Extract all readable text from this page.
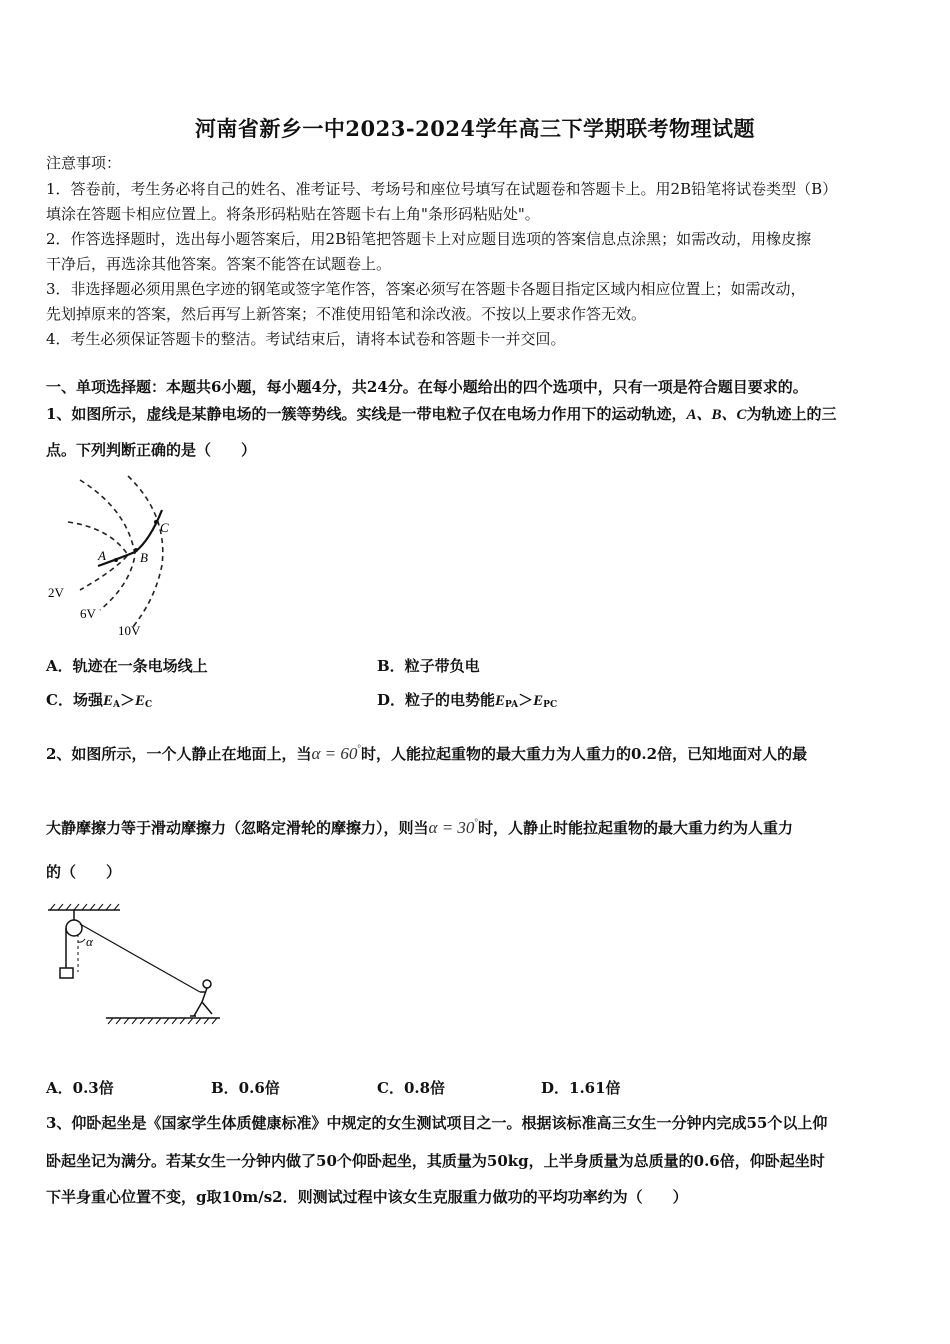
河南省新乡一中2023-2024学年高三下学期联考物理试题
注意事项：
1．答卷前，考生务必将自己的姓名、准考证号、考场号和座位号填写在试题卷和答题卡上。用2B铅笔将试卷类型（B）
填涂在答题卡相应位置上。将条形码粘贴在答题卡右上角"条形码粘贴处"。
2．作答选择题时，选出每小题答案后，用2B铅笔把答题卡上对应题目选项的答案信息点涂黑；如需改动，用橡皮擦
干净后，再选涂其他答案。答案不能答在试题卷上。
3．非选择题必须用黑色字迹的钢笔或签字笔作答，答案必须写在答题卡各题目指定区域内相应位置上；如需改动，
先划掉原来的答案，然后再写上新答案；不准使用铅笔和涂改液。不按以上要求作答无效。
4．考生必须保证答题卡的整洁。考试结束后，请将本试卷和答题卡一并交回。
一、单项选择题：本题共6小题，每小题4分，共24分。在每小题给出的四个选项中，只有一项是符合题目要求的。
1、如图所示，虚线是某静电场的一簇等势线。实线是一带电粒子仅在电场力作用下的运动轨迹，A、B、C为轨迹上的三
点。下列判断正确的是（　　）
A	B
C
2V
6V
10V
A．轨迹在一条电场线上	B．粒子带负电
C．场强$E_A>E_C$	D．粒子的电势能$E_{PA}>E_{PC}$
2、如图所示，一个人静止在地面上，当α = 60°时，人能拉起重物的最大重力为人重力的0.2倍，已知地面对人的最
大静摩擦力等于滑动摩擦力（忽略定滑轮的摩擦力），则当α = 30°时，人静止时能拉起重物的最大重力约为人重力
的（　　）
α
A．0.3倍	B．0.6倍	C．0.8倍	D．1.61倍
3、仰卧起坐是《国家学生体质健康标准》中规定的女生测试项目之一。根据该标准高三女生一分钟内完成55个以上仰
卧起坐记为满分。若某女生一分钟内做了50个仰卧起坐，其质量为50kg，上半身质量为总质量的0.6倍，仰卧起坐时
下半身重心位置不变，g取10m/s2．则测试过程中该女生克服重力做功的平均功率约为（　　）
